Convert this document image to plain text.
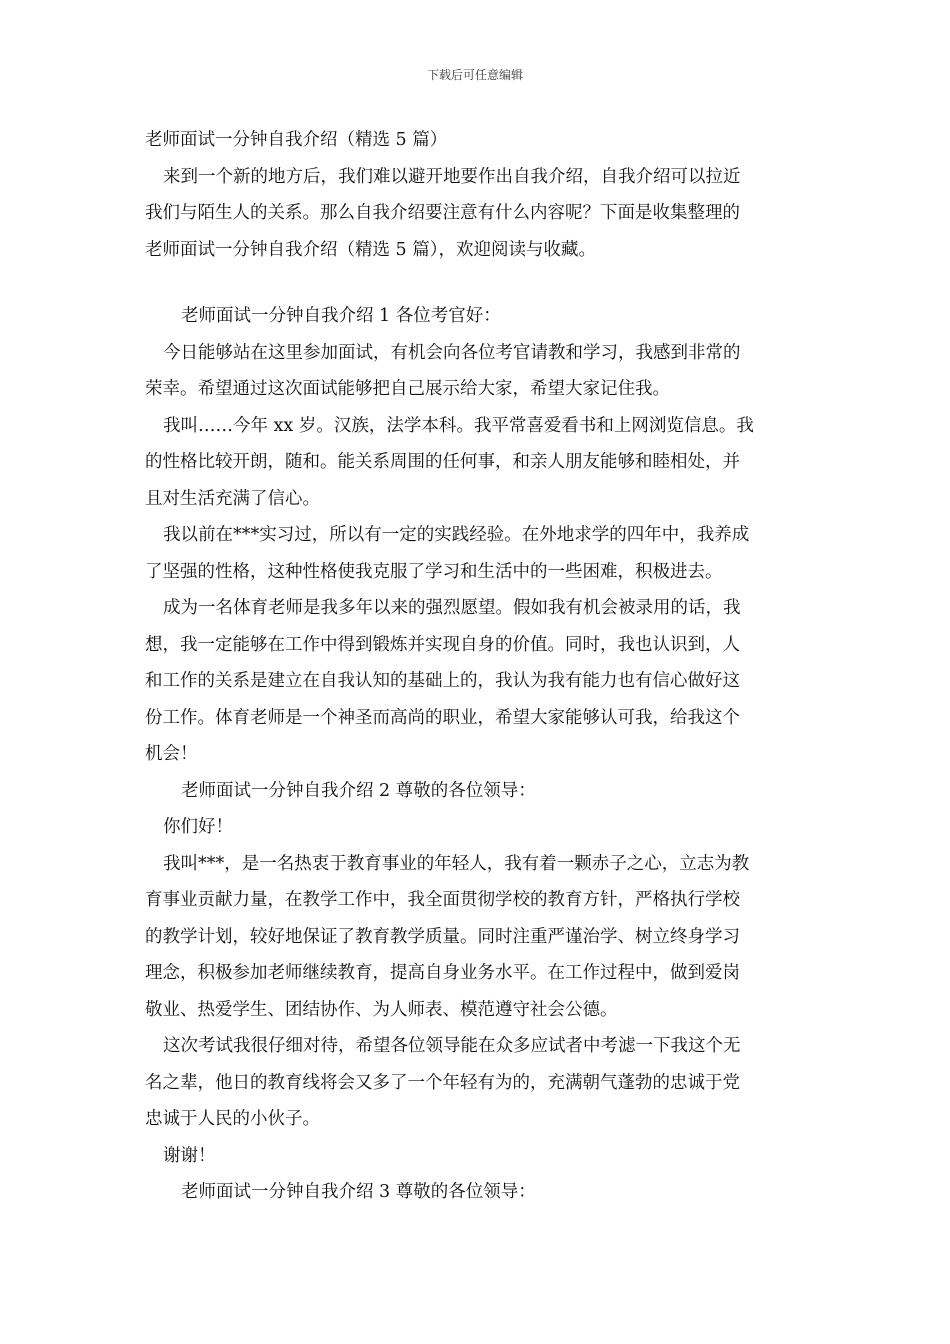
下载后可任意编辑
老师面试一分钟自我介绍（精选 5 篇）
来到一个新的地方后，我们难以避开地要作出自我介绍，自我介绍可以拉近
我们与陌生人的关系。那么自我介绍要注意有什么内容呢？下面是收集整理的
老师面试一分钟自我介绍（精选 5 篇），欢迎阅读与收藏。
老师面试一分钟自我介绍 1 各位考官好：
今日能够站在这里参加面试，有机会向各位考官请教和学习，我感到非常的
荣幸。希望通过这次面试能够把自己展示给大家，希望大家记住我。
我叫……今年 xx 岁。汉族，法学本科。我平常喜爱看书和上网浏览信息。我
的性格比较开朗，随和。能关系周围的任何事，和亲人朋友能够和睦相处，并
且对生活充满了信心。
我以前在***实习过，所以有一定的实践经验。在外地求学的四年中，我养成
了坚强的性格，这种性格使我克服了学习和生活中的一些困难，积极进去。
成为一名体育老师是我多年以来的强烈愿望。假如我有机会被录用的话，我
想，我一定能够在工作中得到锻炼并实现自身的价值。同时，我也认识到，人
和工作的关系是建立在自我认知的基础上的，我认为我有能力也有信心做好这
份工作。体育老师是一个神圣而高尚的职业，希望大家能够认可我，给我这个
机会！
老师面试一分钟自我介绍 2 尊敬的各位领导：
你们好！
我叫***，是一名热衷于教育事业的年轻人，我有着一颗赤子之心，立志为教
育事业贡献力量，在教学工作中，我全面贯彻学校的教育方针，严格执行学校
的教学计划，较好地保证了教育教学质量。同时注重严谨治学、树立终身学习
理念，积极参加老师继续教育，提高自身业务水平。在工作过程中，做到爱岗
敬业、热爱学生、团结协作、为人师表、模范遵守社会公德。
这次考试我很仔细对待，希望各位领导能在众多应试者中考滤一下我这个无
名之辈，他日的教育线将会又多了一个年轻有为的，充满朝气蓬勃的忠诚于党
忠诚于人民的小伙子。
谢谢！
老师面试一分钟自我介绍 3 尊敬的各位领导：
